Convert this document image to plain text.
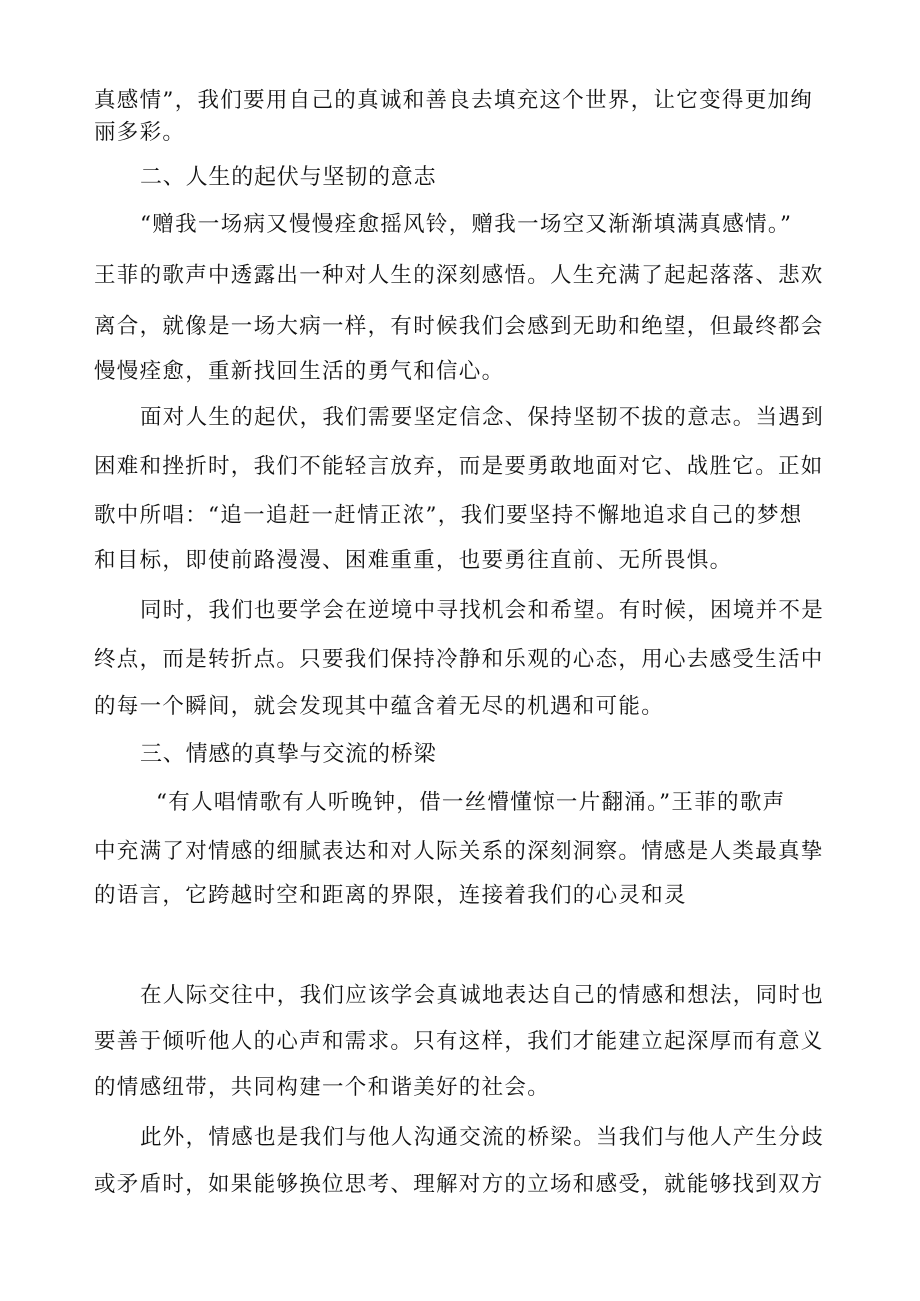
真感情”，我们要用自己的真诚和善良去填充这个世界，让它变得更加绚
丽多彩。
二、人生的起伏与坚韧的意志
“赠我一场病又慢慢痊愈摇风铃，赠我一场空又渐渐填满真感情。”
王菲的歌声中透露出一种对人生的深刻感悟。人生充满了起起落落、悲欢
离合，就像是一场大病一样，有时候我们会感到无助和绝望，但最终都会
慢慢痊愈，重新找回生活的勇气和信心。
面对人生的起伏，我们需要坚定信念、保持坚韧不拔的意志。当遇到
困难和挫折时，我们不能轻言放弃，而是要勇敢地面对它、战胜它。正如
歌中所唱：“追一追赶一赶情正浓”，我们要坚持不懈地追求自己的梦想
和目标，即使前路漫漫、困难重重，也要勇往直前、无所畏惧。
同时，我们也要学会在逆境中寻找机会和希望。有时候，困境并不是
终点，而是转折点。只要我们保持冷静和乐观的心态，用心去感受生活中
的每一个瞬间，就会发现其中蕴含着无尽的机遇和可能。
三、情感的真挚与交流的桥梁
“有人唱情歌有人听晚钟，借一丝懵懂惊一片翻涌。”王菲的歌声
中充满了对情感的细腻表达和对人际关系的深刻洞察。情感是人类最真挚
的语言，它跨越时空和距离的界限，连接着我们的心灵和灵
在人际交往中，我们应该学会真诚地表达自己的情感和想法，同时也
要善于倾听他人的心声和需求。只有这样，我们才能建立起深厚而有意义
的情感纽带，共同构建一个和谐美好的社会。
此外，情感也是我们与他人沟通交流的桥梁。当我们与他人产生分歧
或矛盾时，如果能够换位思考、理解对方的立场和感受，就能够找到双方
